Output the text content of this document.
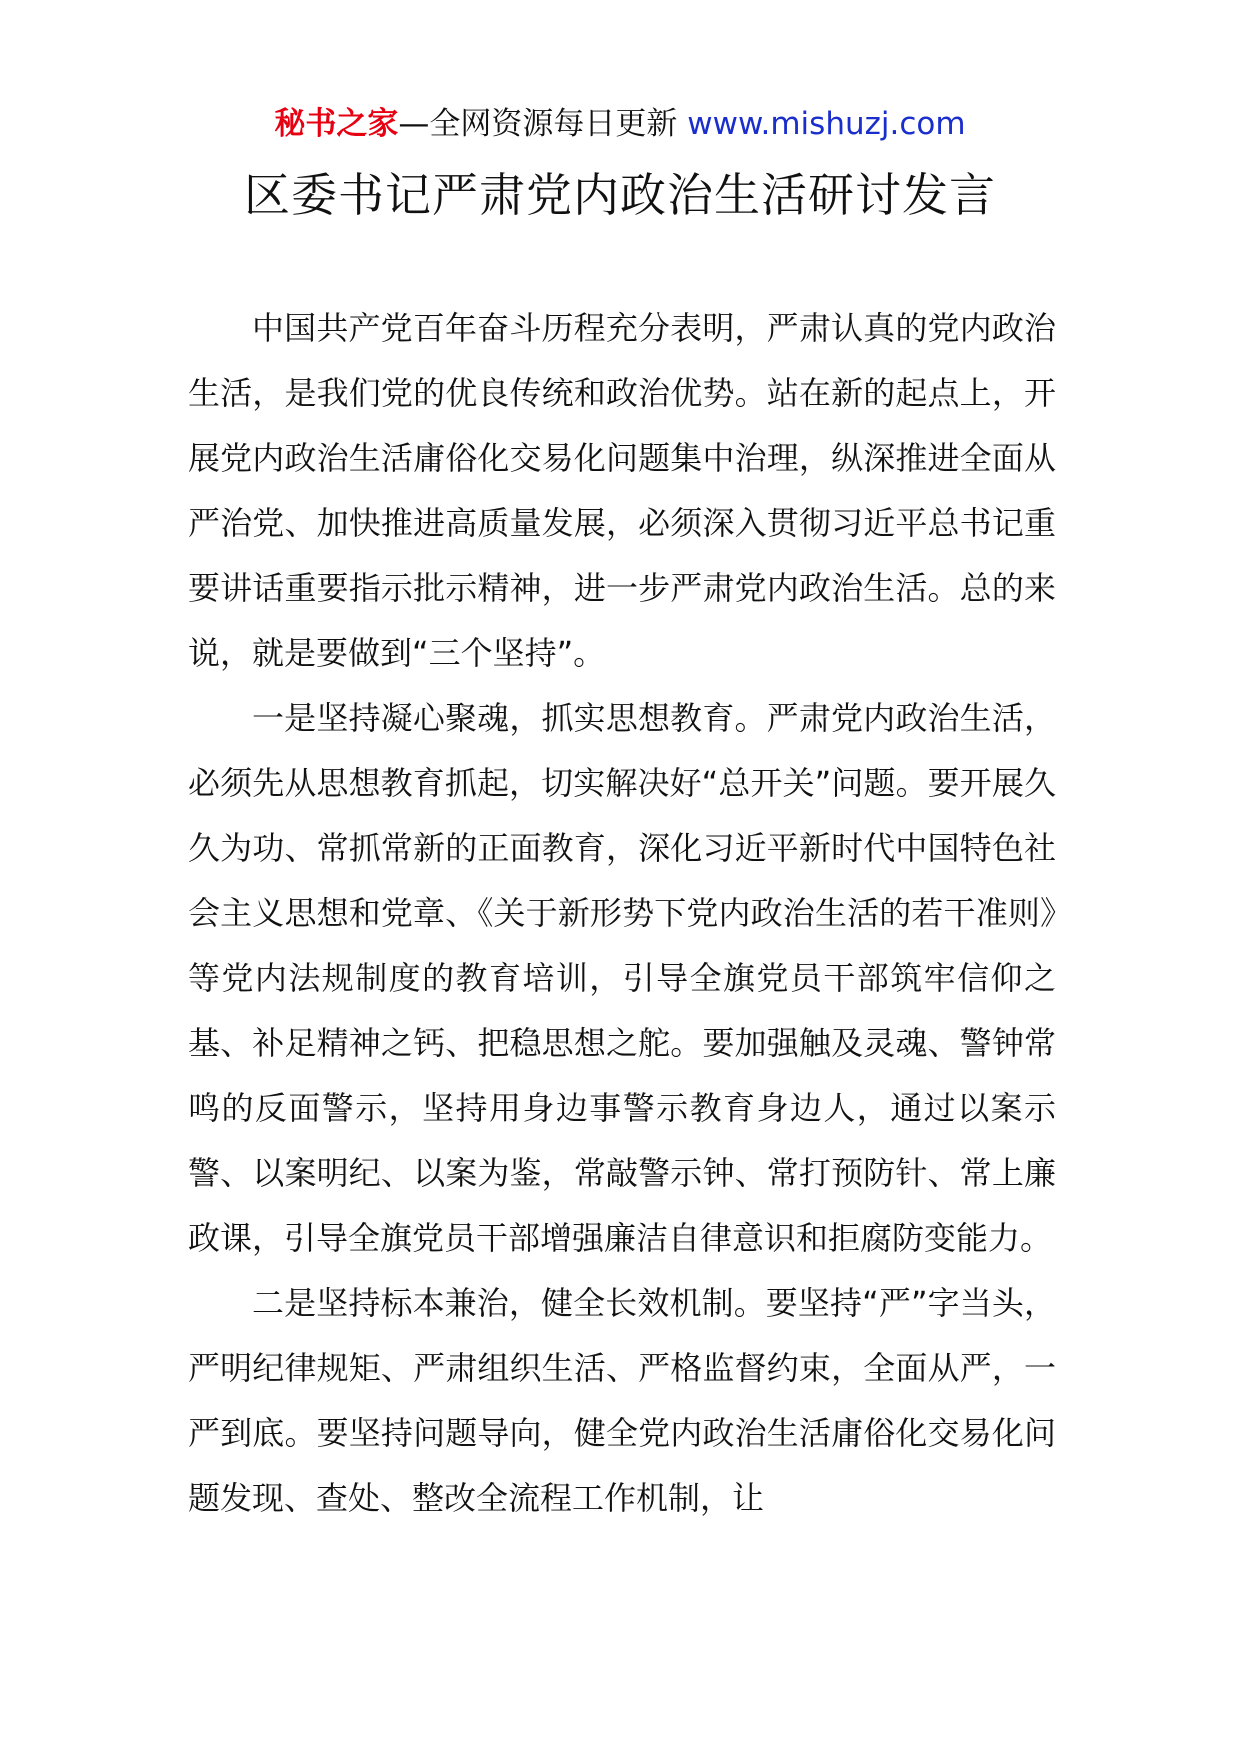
秘书之家—全网资源每日更新 www.mishuzj.com
区委书记严肃党内政治生活研讨发言

中国共产党百年奋斗历程充分表明，严肃认真的党内政治生活，是我们党的优良传统和政治优势。站在新的起点上，开展党内政治生活庸俗化交易化问题集中治理，纵深推进全面从严治党、加快推进高质量发展，必须深入贯彻习近平总书记重要讲话重要指示批示精神，进一步严肃党内政治生活。总的来说，就是要做到“三个坚持”。

一是坚持凝心聚魂，抓实思想教育。严肃党内政治生活，必须先从思想教育抓起，切实解决好“总开关”问题。要开展久久为功、常抓常新的正面教育，深化习近平新时代中国特色社会主义思想和党章、《关于新形势下党内政治生活的若干准则》等党内法规制度的教育培训，引导全旗党员干部筑牢信仰之基、补足精神之钙、把稳思想之舵。要加强触及灵魂、警钟常鸣的反面警示，坚持用身边事警示教育身边人，通过以案示警、以案明纪、以案为鉴，常敲警示钟、常打预防针、常上廉政课，引导全旗党员干部增强廉洁自律意识和拒腐防变能力。

二是坚持标本兼治，健全长效机制。要坚持“严”字当头，严明纪律规矩、严肃组织生活、严格监督约束，全面从严，一严到底。要坚持问题导向，健全党内政治生活庸俗化交易化问题发现、查处、整改全流程工作机制，让
